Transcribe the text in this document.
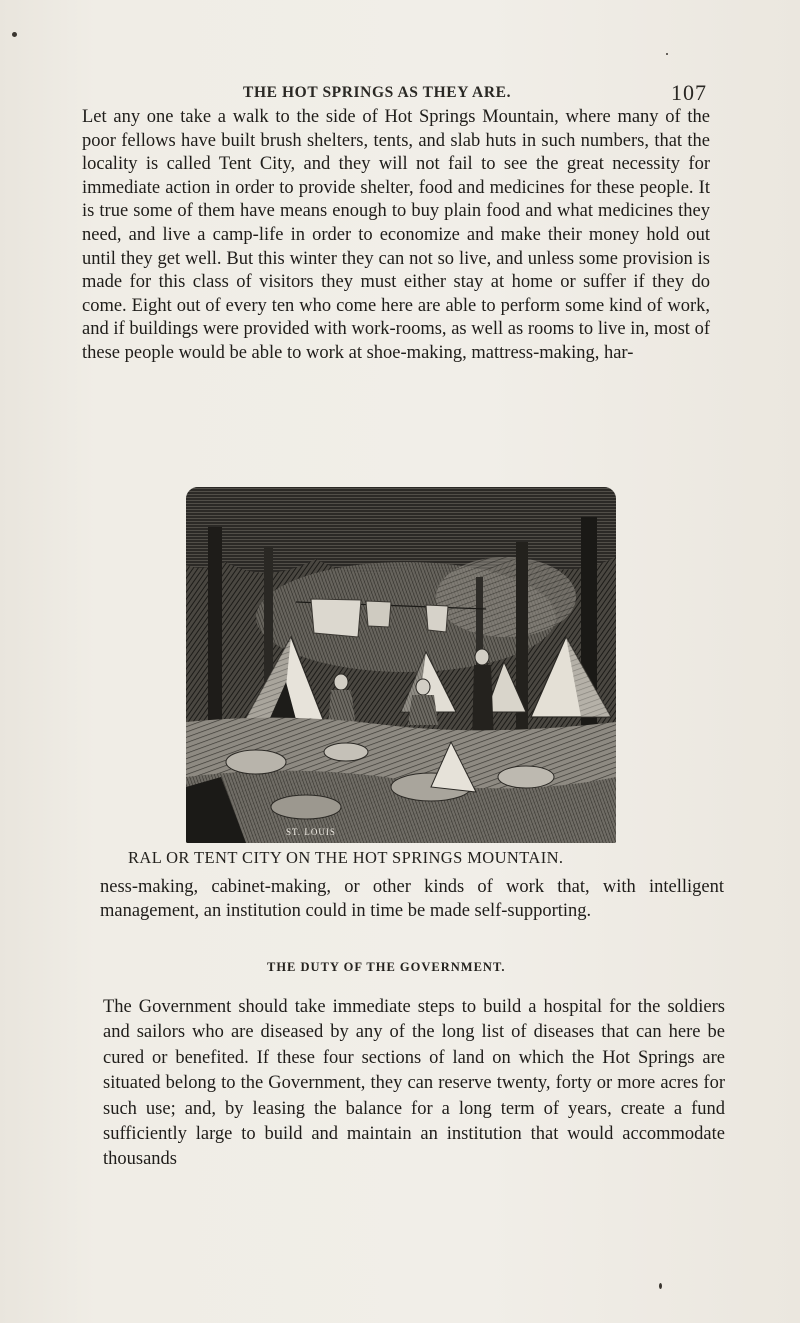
THE HOT SPRINGS AS THEY ARE.	107

Let any one take a walk to the side of Hot Springs Mountain, where many of the poor fellows have built brush shelters, tents, and slab huts in such numbers, that the locality is called Tent City, and they will not fail to see the great necessity for immediate action in order to provide shelter, food and medicines for these people. It is true some of them have means enough to buy plain food and what medicines they need, and live a camp-life in order to economize and make their money hold out until they get well. But this winter they can not so live, and unless some provision is made for this class of visitors they must either stay at home or suffer if they do come. Eight out of every ten who come here are able to perform some kind of work, and if buildings were provided with work-rooms, as well as rooms to live in, most of these people would be able to work at shoe-making, mattress-making, har-

ST. LOUIS
RAL OR TENT CITY ON THE HOT SPRINGS MOUNTAIN.

ness-making, cabinet-making, or other kinds of work that, with intelligent management, an institution could in time be made self-supporting.

THE DUTY OF THE GOVERNMENT.

The Government should take immediate steps to build a hospital for the soldiers and sailors who are diseased by any of the long list of diseases that can here be cured or benefited. If these four sections of land on which the Hot Springs are situated belong to the Government, they can reserve twenty, forty or more acres for such use; and, by leasing the balance for a long term of years, create a fund sufficiently large to build and maintain an institution that would accommodate thousands
